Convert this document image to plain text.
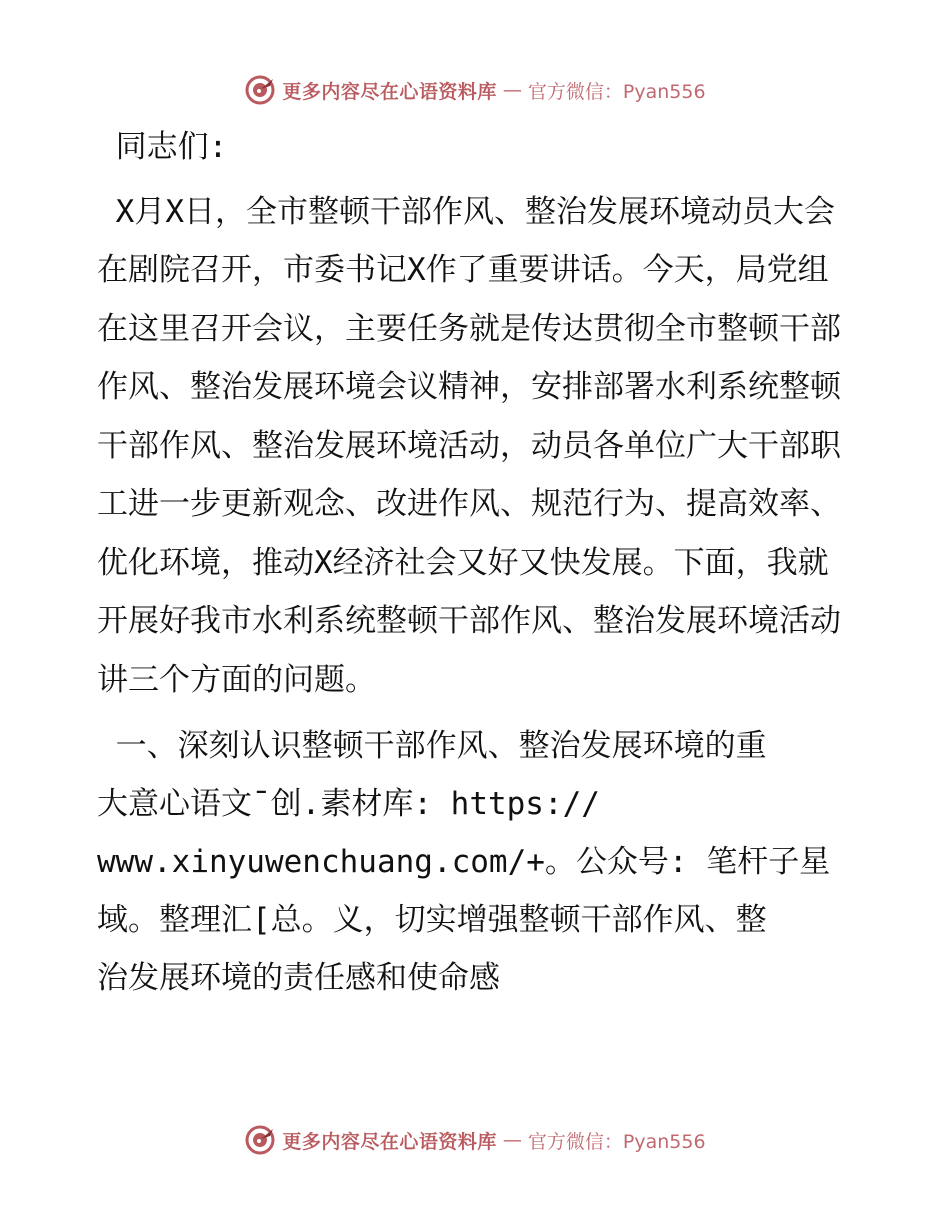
更多内容尽在心语资料库 — 官方微信：Pyan556

同志们:

X月X日，全市整顿干部作风、整治发展环境动员大会在剧院召开，市委书记X作了重要讲话。今天，局党组在这里召开会议，主要任务就是传达贯彻全市整顿干部作风、整治发展环境会议精神，安排部署水利系统整顿干部作风、整治发展环境活动，动员各单位广大干部职工进一步更新观念、改进作风、规范行为、提高效率、优化环境，推动X经济社会又好又快发展。下面，我就开展好我市水利系统整顿干部作风、整治发展环境活动讲三个方面的问题。

一、深刻认识整顿干部作风、整治发展环境的重

大意心语文¯创.素材库: https://

www.xinyuwenchuang.com/+。公众号: 笔杆子星

域。整理汇[总。义，切实增强整顿干部作风、整

治发展环境的责任感和使命感

更多内容尽在心语资料库 — 官方微信：Pyan556
